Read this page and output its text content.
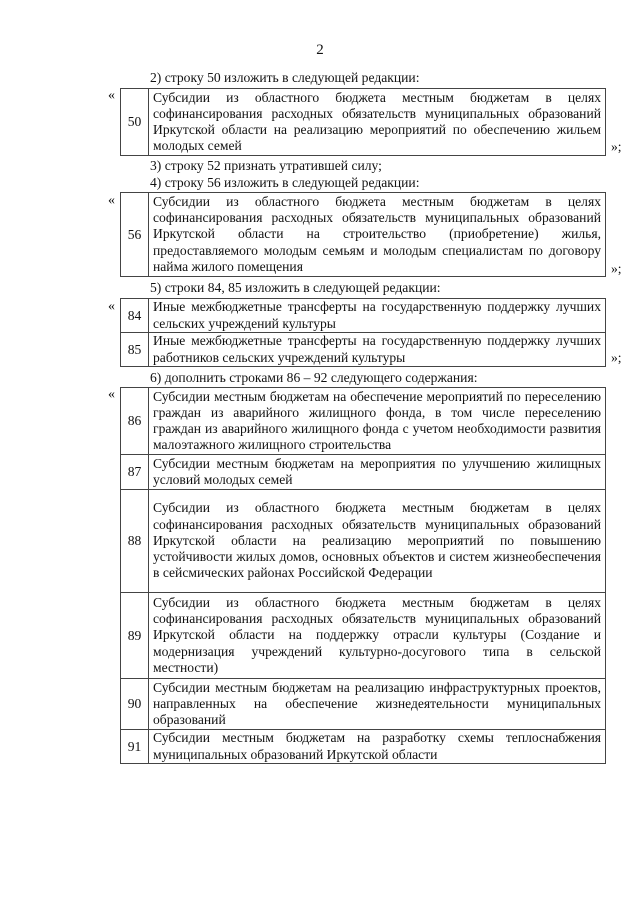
2
2) строку 50 изложить в следующей редакции:
«
50	Субсидии из областного бюджета местным бюджетам в целях софинансирования расходных обязательств муниципальных образований Иркутской области на реализацию мероприятий по обеспечению жильем молодых семей	»;
3) строку 52 признать утратившей силу;
4) строку 56 изложить в следующей редакции:
«
56	Субсидии из областного бюджета местным бюджетам в целях софинансирования расходных обязательств муниципальных образований Иркутской области на строительство (приобретение) жилья, предоставляемого молодым семьям и молодым специалистам по договору найма жилого помещения	»;
5) строки 84, 85 изложить в следующей редакции:
«
84	Иные межбюджетные трансферты на государственную поддержку лучших сельских учреждений культуры
85	Иные межбюджетные трансферты на государственную поддержку лучших работников сельских учреждений культуры	»;
6) дополнить строками 86 – 92 следующего содержания:
«
86	Субсидии местным бюджетам на обеспечение мероприятий по переселению граждан из аварийного жилищного фонда, в том числе переселению граждан из аварийного жилищного фонда с учетом необходимости развития малоэтажного жилищного строительства
87	Субсидии местным бюджетам на мероприятия по улучшению жилищных условий молодых семей
88	Субсидии из областного бюджета местным бюджетам в целях софинансирования расходных обязательств муниципальных образований Иркутской области на реализацию мероприятий по повышению устойчивости жилых домов, основных объектов и систем жизнеобеспечения в сейсмических районах Российской Федерации
89	Субсидии из областного бюджета местным бюджетам в целях софинансирования расходных обязательств муниципальных образований Иркутской области на поддержку отрасли культуры (Создание и модернизация учреждений культурно-досугового типа в сельской местности)
90	Субсидии местным бюджетам на реализацию инфраструктурных проектов, направленных на обеспечение жизнедеятельности муниципальных образований
91	Субсидии местным бюджетам на разработку схемы теплоснабжения муниципальных образований Иркутской области
